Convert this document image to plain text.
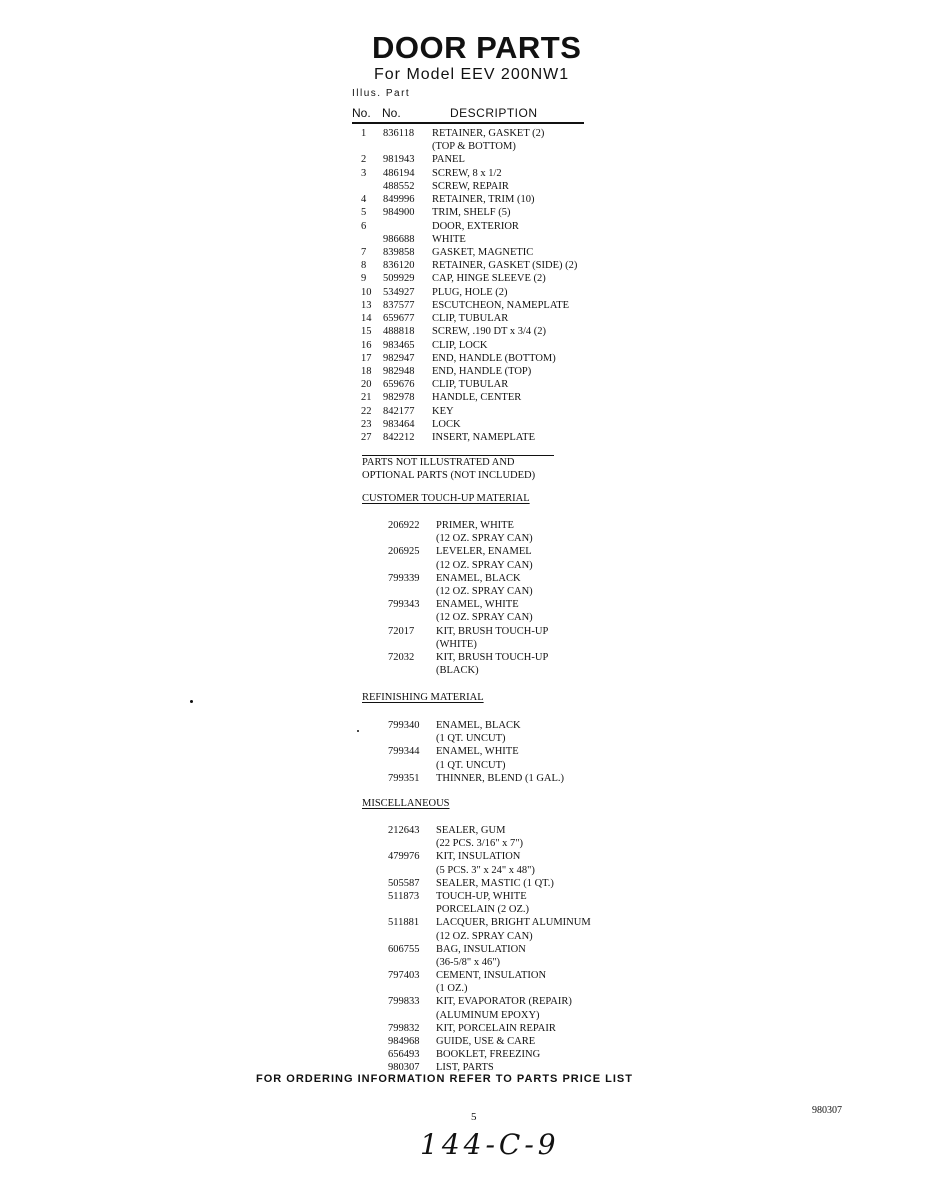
DOOR PARTS
For Model EEV 200NW1
Illus. Part
No. No.	DESCRIPTION
1 836118 RETAINER, GASKET (2)
(TOP & BOTTOM)
2 981943 PANEL
3 486194 SCREW, 8 x 1/2
488552 SCREW, REPAIR
4 849996 RETAINER, TRIM (10)
5 984900 TRIM, SHELF (5)
6	DOOR, EXTERIOR
986688 WHITE
7 839858 GASKET, MAGNETIC
8 836120 RETAINER, GASKET (SIDE) (2)
9 509929 CAP, HINGE SLEEVE (2)
10 534927 PLUG, HOLE (2)
13 837577 ESCUTCHEON, NAMEPLATE
14 659677 CLIP, TUBULAR
15 488818 SCREW, .190 DT x 3/4 (2)
16 983465 CLIP, LOCK
17 982947 END, HANDLE (BOTTOM)
18 982948 END, HANDLE (TOP)
20 659676 CLIP, TUBULAR
21 982978 HANDLE, CENTER
22 842177 KEY
23 983464 LOCK
27 842212 INSERT, NAMEPLATE
PARTS NOT ILLUSTRATED AND
OPTIONAL PARTS (NOT INCLUDED)
CUSTOMER TOUCH-UP MATERIAL
206922 PRIMER, WHITE
(12 OZ. SPRAY CAN)
206925 LEVELER, ENAMEL
(12 OZ. SPRAY CAN)
799339 ENAMEL, BLACK
(12 OZ. SPRAY CAN)
799343 ENAMEL, WHITE
(12 OZ. SPRAY CAN)
72017 KIT, BRUSH TOUCH-UP
(WHITE)
72032 KIT, BRUSH TOUCH-UP
(BLACK)
REFINISHING MATERIAL
799340 ENAMEL, BLACK
(1 QT. UNCUT)
799344 ENAMEL, WHITE
(1 QT. UNCUT)
799351 THINNER, BLEND (1 GAL.)
MISCELLANEOUS
212643 SEALER, GUM
(22 PCS. 3/16" x 7")
479976 KIT, INSULATION
(5 PCS. 3" x 24" x 48")
505587 SEALER, MASTIC (1 QT.)
511873 TOUCH-UP, WHITE
PORCELAIN (2 OZ.)
511881 LACQUER, BRIGHT ALUMINUM
(12 OZ. SPRAY CAN)
606755 BAG, INSULATION
(36-5/8" x 46")
797403 CEMENT, INSULATION
(1 OZ.)
799833 KIT, EVAPORATOR (REPAIR)
(ALUMINUM EPOXY)
799832 KIT, PORCELAIN REPAIR
984968 GUIDE, USE & CARE
656493 BOOKLET, FREEZING
980307 LIST, PARTS
FOR ORDERING INFORMATION REFER TO PARTS PRICE LIST
5
980307
144-C-9
